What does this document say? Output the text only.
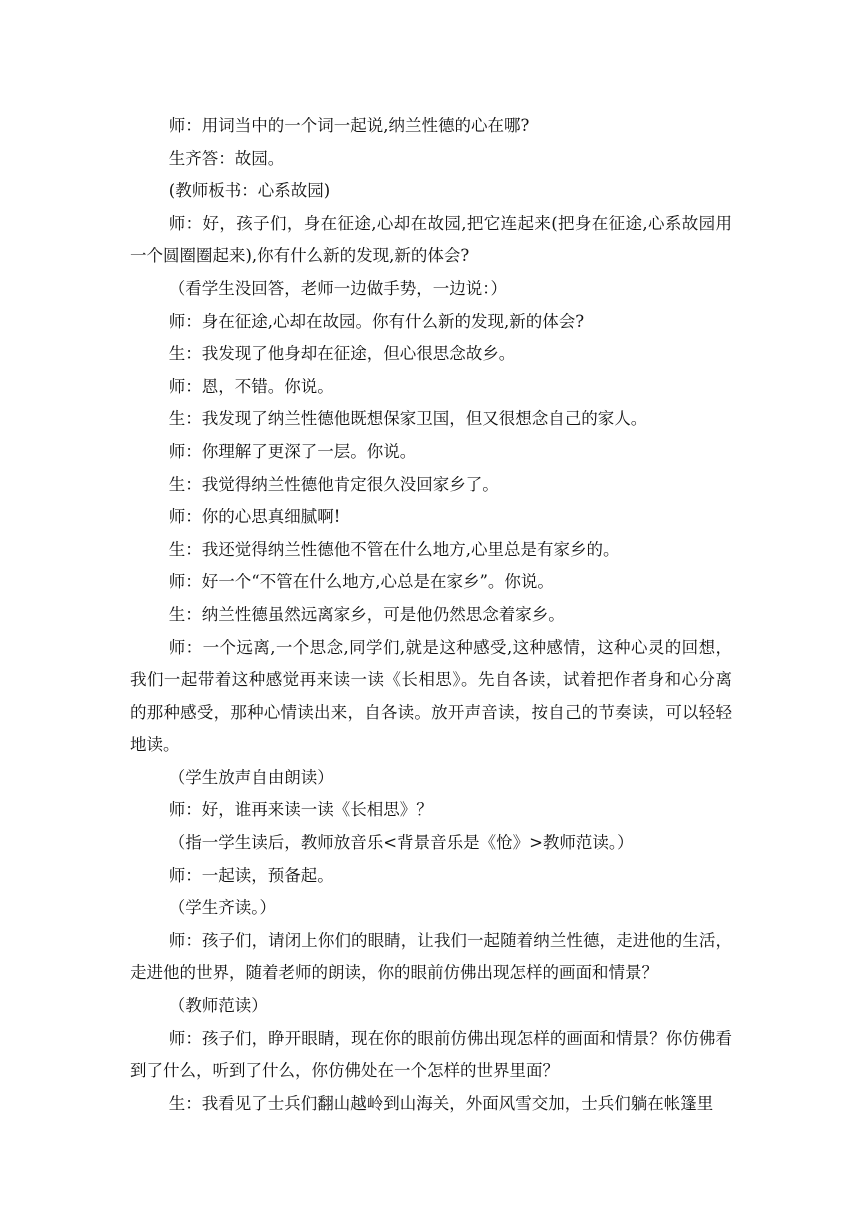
师：用词当中的一个词一起说,纳兰性德的心在哪?

生齐答：故园。

(教师板书：心系故园)

师：好，孩子们，身在征途,心却在故园,把它连起来(把身在征途,心系故园用一个圆圈圈起来),你有什么新的发现,新的体会?

（看学生没回答，老师一边做手势，一边说：）

师：身在征途,心却在故园。你有什么新的发现,新的体会?

生：我发现了他身却在征途，但心很思念故乡。

师：恩，不错。你说。

生：我发现了纳兰性德他既想保家卫国，但又很想念自己的家人。

师：你理解了更深了一层。你说。

生：我觉得纳兰性德他肯定很久没回家乡了。

师：你的心思真细腻啊!

生：我还觉得纳兰性德他不管在什么地方,心里总是有家乡的。

师：好一个“不管在什么地方,心总是在家乡”。你说。

生：纳兰性德虽然远离家乡，可是他仍然思念着家乡。

师：一个远离,一个思念,同学们,就是这种感受,这种感情，这种心灵的回想，我们一起带着这种感觉再来读一读《长相思》。先自各读，试着把作者身和心分离的那种感受，那种心情读出来，自各读。放开声音读，按自己的节奏读，可以轻轻地读。

（学生放声自由朗读）

师：好，谁再来读一读《长相思》？

（指一学生读后，教师放音乐<背景音乐是《怆》>教师范读。）

师：一起读，预备起。

（学生齐读。）

师：孩子们，请闭上你们的眼睛，让我们一起随着纳兰性德，走进他的生活，走进他的世界，随着老师的朗读，你的眼前仿佛出现怎样的画面和情景？

（教师范读）

师：孩子们，睁开眼睛，现在你的眼前仿佛出现怎样的画面和情景？你仿佛看到了什么，听到了什么，你仿佛处在一个怎样的世界里面？

生：我看见了士兵们翻山越岭到山海关，外面风雪交加，士兵们躺在帐篷里
